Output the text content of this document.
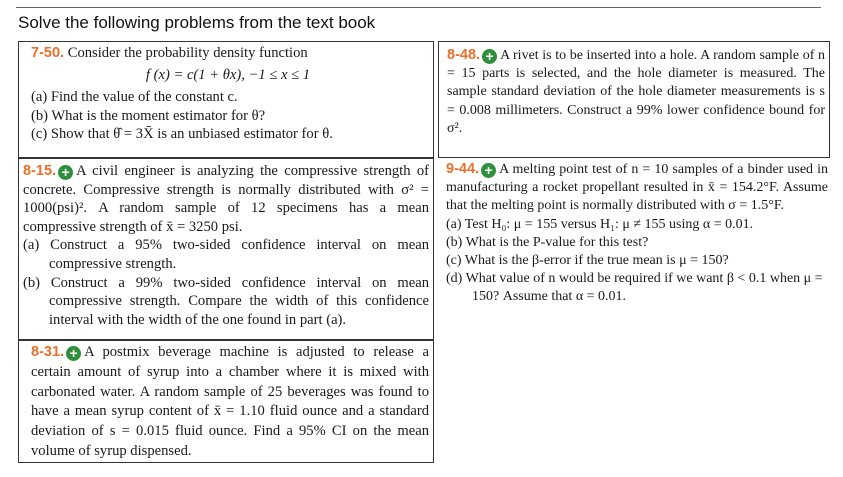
Solve the following problems from the text book

7-50. Consider the probability density function

f (x) = c(1 + θx), −1 ≤ x ≤ 1

(a) Find the value of the constant c.

(b) What is the moment estimator for θ?

(c) Show that θ̂ = 3X̄ is an unbiased estimator for θ.

8-15. + A civil engineer is analyzing the compressive strength of concrete. Compressive strength is normally distributed with σ² = 1000(psi)². A random sample of 12 specimens has a mean compressive strength of x̄ = 3250 psi.

(a) Construct a 95% two-sided confidence interval on mean compressive strength.

(b) Construct a 99% two-sided confidence interval on mean compressive strength. Compare the width of this confidence interval with the width of the one found in part (a).

8-31. + A postmix beverage machine is adjusted to release a certain amount of syrup into a chamber where it is mixed with carbonated water. A random sample of 25 beverages was found to have a mean syrup content of x̄ = 1.10 fluid ounce and a standard deviation of s = 0.015 fluid ounce. Find a 95% CI on the mean volume of syrup dispensed.

8-48. + A rivet is to be inserted into a hole. A random sample of n = 15 parts is selected, and the hole diameter is measured. The sample standard deviation of the hole diameter measurements is s = 0.008 millimeters. Construct a 99% lower confidence bound for σ².

9-44. + A melting point test of n = 10 samples of a binder used in manufacturing a rocket propellant resulted in x̄ = 154.2°F. Assume that the melting point is normally distributed with σ = 1.5°F.

(a) Test H₀: μ = 155 versus H₁: μ ≠ 155 using α = 0.01.

(b) What is the P-value for this test?

(c) What is the β-error if the true mean is μ = 150?

(d) What value of n would be required if we want β < 0.1 when μ = 150? Assume that α = 0.01.
